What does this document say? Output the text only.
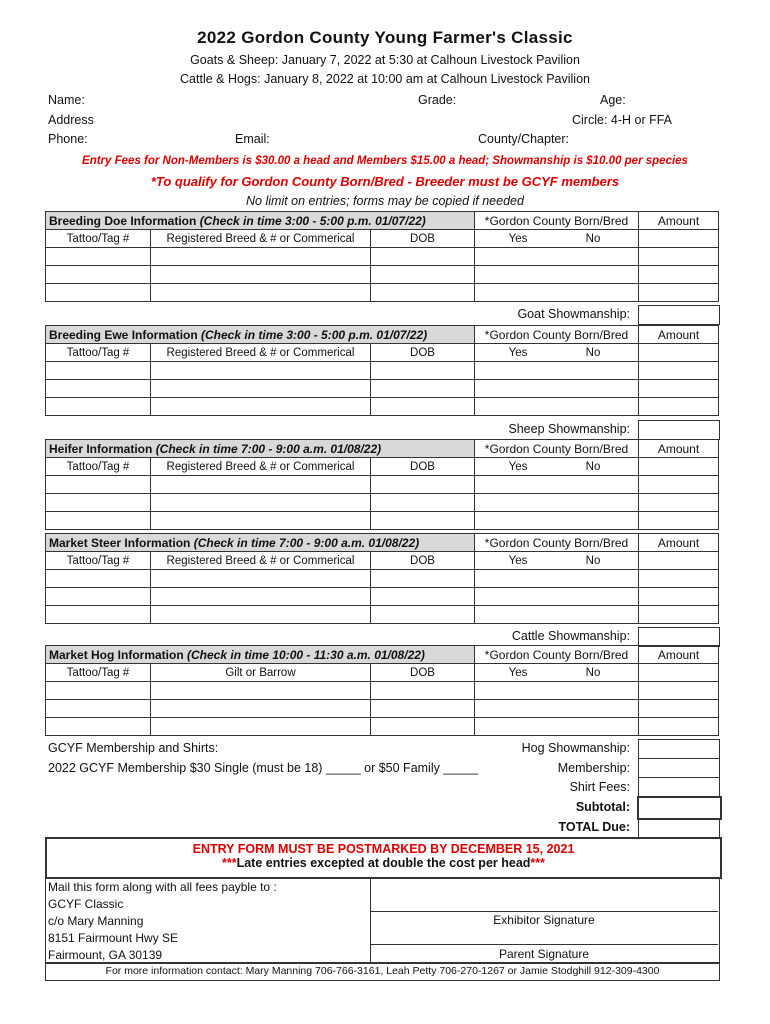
2022 Gordon County Young Farmer's Classic
Goats & Sheep: January 7, 2022 at 5:30 at Calhoun Livestock Pavilion
Cattle & Hogs: January 8, 2022 at 10:00 am at Calhoun Livestock Pavilion
Name:	Grade:	Age:
Address	Circle: 4-H or FFA
Phone:	Email:	County/Chapter:
Entry Fees for Non-Members is $30.00 a head and Members $15.00 a head; Showmanship is $10.00 per species
*To qualify for Gordon County Born/Bred - Breeder must be GCYF members
No limit on entries; forms may be copied if needed
Breeding Doe Information (Check in time 3:00 - 5:00 p.m. 01/07/22)			*Gordon County Born/Bred	Amount
Tattoo/Tag #	Registered Breed & # or Commerical	DOB	Yes No	

Goat Showmanship:
Breeding Ewe Information (Check in time 3:00 - 5:00 p.m. 01/07/22)			*Gordon County Born/Bred	Amount
Tattoo/Tag #	Registered Breed & # or Commerical	DOB	Yes No	

Sheep Showmanship:
Heifer Information (Check in time 7:00 - 9:00 a.m. 01/08/22)			*Gordon County Born/Bred	Amount
Tattoo/Tag #	Registered Breed & # or Commerical	DOB	Yes No	

Market Steer Information (Check in time 7:00 - 9:00 a.m. 01/08/22)			*Gordon County Born/Bred	Amount
Tattoo/Tag #	Registered Breed & # or Commerical	DOB	Yes No	

Cattle Showmanship:
Market Hog Information (Check in time 10:00 - 11:30 a.m. 01/08/22)			*Gordon County Born/Bred	Amount
Tattoo/Tag #	Gilt or Barrow	DOB	Yes No	

GCYF Membership and Shirts:
2022 GCYF Membership $30 Single (must be 18) _____ or $50 Family _____
Hog Showmanship:
Membership:
Shirt Fees:
Subtotal:
TOTAL Due:
ENTRY FORM MUST BE POSTMARKED BY DECEMBER 15, 2021
***Late entries excepted at double the cost per head***
Mail this form along with all fees payble to :
GCYF Classic
c/o Mary Manning
8151 Fairmount Hwy SE
Fairmount, GA 30139
Exhibitor Signature
Parent Signature
For more information contact: Mary Manning 706-766-3161, Leah Petty 706-270-1267 or Jamie Stodghill 912-309-4300
